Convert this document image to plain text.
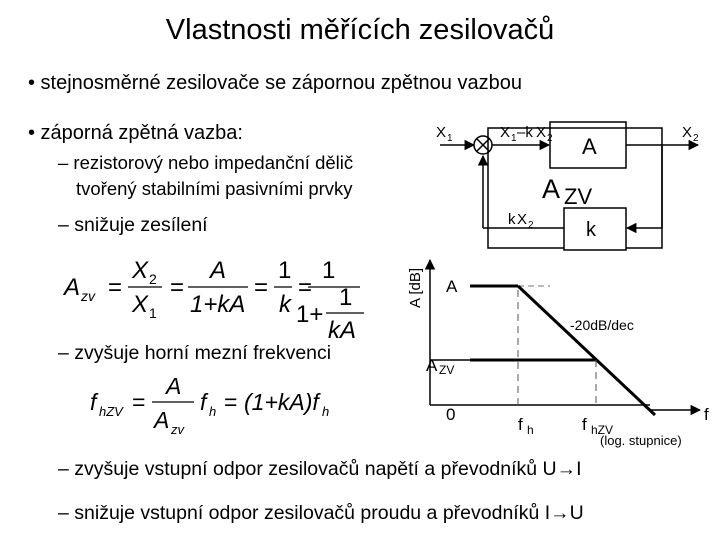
Vlastnosti měřících zesilovačů
• stejnosměrné zesilovače se zápornou zpětnou vazbou
• záporná zpětná vazba:
– rezistorový nebo impedanční dělič
tvořený stabilními pasivními prvky
– snižuje zesílení
– zvyšuje horní mezní frekvenci
– zvyšuje vstupní odpor zesilovačů napětí a převodníků U→I
– snižuje vstupní odpor zesilovačů proudu a převodníků I→U
A zv =
X 2
X 1
=
A
1+kA
=
1
k
=
1
1+
1
kA
f hZV =
A
A zv
f h = (1+kA)f h
X 1	X 1 –k X 2	X 2
k X 2
A
k
A ZV
A
A ZV
0
f h	f hZV
f
-20dB/dec
(log. stupnice)
A [dB]
